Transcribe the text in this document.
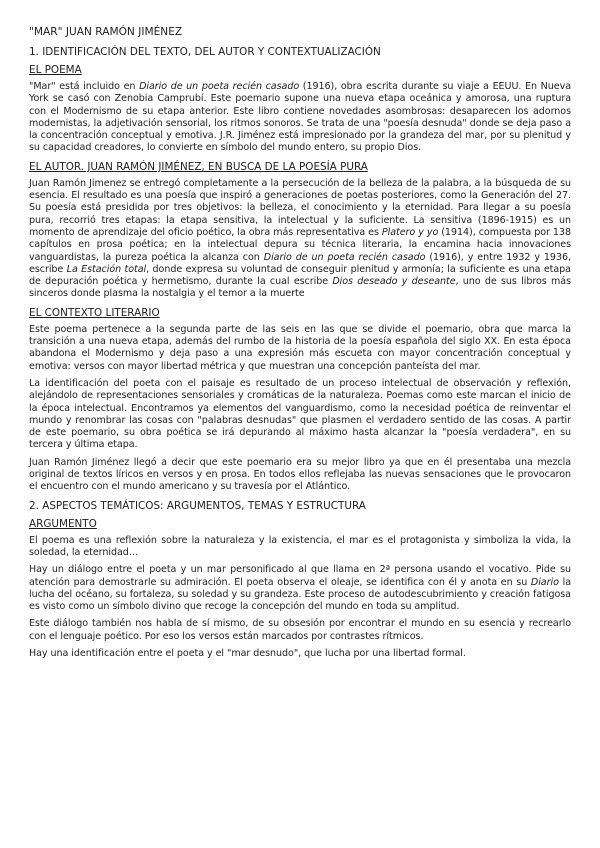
"MAR" JUAN RAMÓN JIMÉNEZ
1. IDENTIFICACIÓN DEL TEXTO, DEL AUTOR Y CONTEXTUALIZACIÓN
EL POEMA

"Mar" está incluido en Diario de un poeta recién casado (1916), obra escrita durante su viaje a EEUU. En Nueva York se casó con Zenobia Camprubí. Este poemario supone una nueva etapa oceánica y amorosa, una ruptura con el Modernismo de su etapa anterior. Este libro contiene novedades asombrosas: desaparecen los adornos modernistas, la adjetivación sensorial, los ritmos sonoros. Se trata de una "poesía desnuda" donde se deja paso a la concentración conceptual y emotiva. J.R. Jiménez está impresionado por la grandeza del mar, por su plenitud y su capacidad creadores, lo convierte en símbolo del mundo entero, su propio Dios.

EL AUTOR. JUAN RAMÓN JIMÉNEZ, EN BUSCA DE LA POESÍA PURA

Juan Ramón Jimenez se entregó completamente a la persecución de la belleza de la palabra, a la búsqueda de su esencia. El resultado es una poesía que inspiró a generaciones de poetas posteriores, como la Generación del 27. Su poesía está presidida por tres objetivos: la belleza, el conocimiento y la eternidad. Para llegar a su poesía pura, recorrió tres etapas: la etapa sensitiva, la intelectual y la suficiente. La sensitiva (1896-1915) es un momento de aprendizaje del oficio poético, la obra más representativa es Platero y yo (1914), compuesta por 138 capítulos en prosa poética; en la intelectual depura su técnica literaria, la encamina hacia innovaciones vanguardistas, la pureza poética la alcanza con Diario de un poeta recién casado (1916), y entre 1932 y 1936, escribe La Estación total, donde expresa su voluntad de conseguir plenitud y armonía; la suficiente es una etapa de depuración poética y hermetismo, durante la cual escribe Dios deseado y deseante, uno de sus libros más sinceros donde plasma la nostalgia y el temor a la muerte

EL CONTEXTO LITERARIO

Este poema pertenece a la segunda parte de las seis en las que se divide el poemario, obra que marca la transición a una nueva etapa, además del rumbo de la historia de la poesía española del siglo XX. En esta época abandona el Modernismo y deja paso a una expresión más escueta con mayor concentración conceptual y emotiva: versos con mayor libertad métrica y que muestran una concepción panteísta del mar.

La identificación del poeta con el paisaje es resultado de un proceso intelectual de observación y reflexión, alejándolo de representaciones sensoriales y cromáticas de la naturaleza. Poemas como este marcan el inicio de la época intelectual. Encontramos ya elementos del vanguardismo, como la necesidad poética de reinventar el mundo y renombrar las cosas con "palabras desnudas" que plasmen el verdadero sentido de las cosas. A partir de este poemario, su obra poética se irá depurando al máximo hasta alcanzar la "poesía verdadera", en su tercera y última etapa.

Juan Ramón Jiménez llegó a decir que este poemario era su mejor libro ya que en él presentaba una mezcla original de textos líricos en versos y en prosa. En todos ellos reflejaba las nuevas sensaciones que le provocaron el encuentro con el mundo americano y su travesía por el Atlántico.

2. ASPECTOS TEMÁTICOS: ARGUMENTOS, TEMAS Y ESTRUCTURA
ARGUMENTO

El poema es una reflexión sobre la naturaleza y la existencia, el mar es el protagonista y simboliza la vida, la soledad, la eternidad…

Hay un diálogo entre el poeta y un mar personificado al que llama en 2ª persona usando el vocativo. Pide su atención para demostrarle su admiración. El poeta observa el oleaje, se identifica con él y anota en su Diario la lucha del océano, su fortaleza, su soledad y su grandeza. Este proceso de autodescubrimiento y creación fatigosa es visto como un símbolo divino que recoge la concepción del mundo en toda su amplitud.

Este diálogo también nos habla de sí mismo, de su obsesión por encontrar el mundo en su esencia y recrearlo con el lenguaje poético. Por eso los versos están marcados por contrastes rítmicos.

Hay una identificación entre el poeta y el "mar desnudo", que lucha por una libertad formal.
